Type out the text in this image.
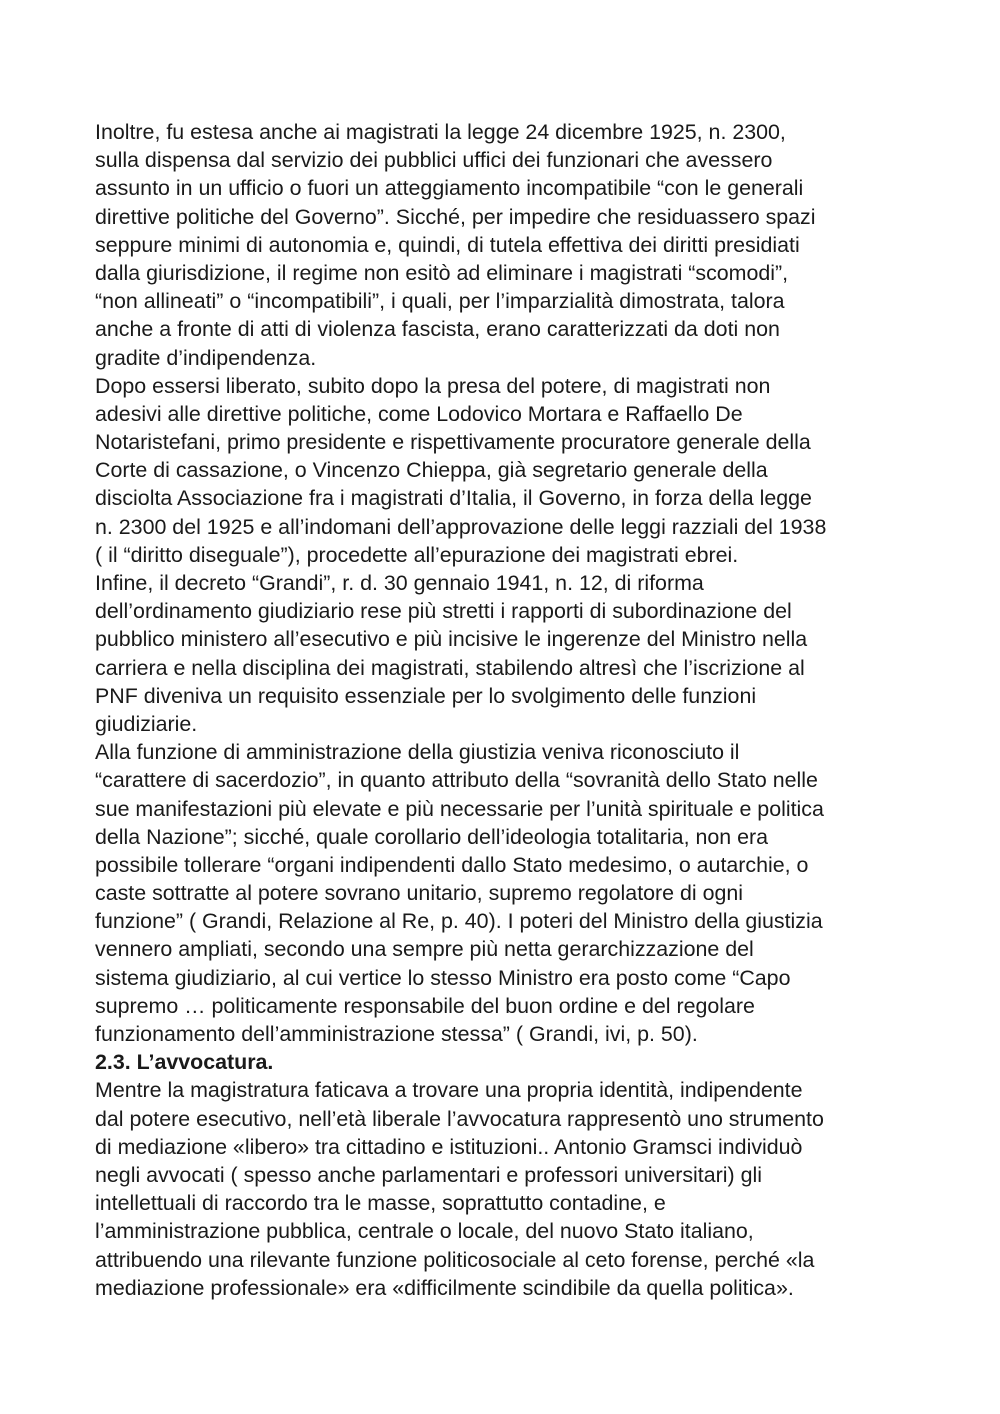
Inoltre, fu estesa anche ai magistrati la legge 24 dicembre 1925, n. 2300,
sulla dispensa dal servizio dei pubblici uffici dei funzionari che avessero
assunto in un ufficio o fuori un atteggiamento incompatibile “con le generali
direttive politiche del Governo”. Sicché, per impedire che residuassero spazi
seppure minimi di autonomia e, quindi, di tutela effettiva dei diritti presidiati
dalla giurisdizione, il regime non esitò ad eliminare i magistrati “scomodi”,
“non allineati” o “incompatibili”, i quali, per l’imparzialità dimostrata, talora
anche a fronte di atti di violenza fascista, erano caratterizzati da doti non
gradite d’indipendenza.
Dopo essersi liberato, subito dopo la presa del potere, di magistrati non
adesivi alle direttive politiche, come Lodovico Mortara e Raffaello De
Notaristefani, primo presidente e rispettivamente procuratore generale della
Corte di cassazione, o Vincenzo Chieppa, già segretario generale della
disciolta Associazione fra i magistrati d’Italia, il Governo, in forza della legge
n. 2300 del 1925 e all’indomani dell’approvazione delle leggi razziali del 1938
( il “diritto diseguale”), procedette all’epurazione dei magistrati ebrei.
Infine, il decreto “Grandi”, r. d. 30 gennaio 1941, n. 12, di riforma
dell’ordinamento giudiziario rese più stretti i rapporti di subordinazione del
pubblico ministero all’esecutivo e più incisive le ingerenze del Ministro nella
carriera e nella disciplina dei magistrati, stabilendo altresì che l’iscrizione al
PNF diveniva un requisito essenziale per lo svolgimento delle funzioni
giudiziarie.
Alla funzione di amministrazione della giustizia veniva riconosciuto il
“carattere di sacerdozio”, in quanto attributo della “sovranità dello Stato nelle
sue manifestazioni più elevate e più necessarie per l’unità spirituale e politica
della Nazione”; sicché, quale corollario dell’ideologia totalitaria, non era
possibile tollerare “organi indipendenti dallo Stato medesimo, o autarchie, o
caste sottratte al potere sovrano unitario, supremo regolatore di ogni
funzione” ( Grandi, Relazione al Re, p. 40). I poteri del Ministro della giustizia
vennero ampliati, secondo una sempre più netta gerarchizzazione del
sistema giudiziario, al cui vertice lo stesso Ministro era posto come “Capo
supremo … politicamente responsabile del buon ordine e del regolare
funzionamento dell’amministrazione stessa” ( Grandi, ivi, p. 50).
2.3. L’avvocatura.
Mentre la magistratura faticava a trovare una propria identità, indipendente
dal potere esecutivo, nell’età liberale l’avvocatura rappresentò uno strumento
di mediazione «libero» tra cittadino e istituzioni.. Antonio Gramsci individuò
negli avvocati ( spesso anche parlamentari e professori universitari) gli
intellettuali di raccordo tra le masse, soprattutto contadine, e
l’amministrazione pubblica, centrale o locale, del nuovo Stato italiano,
attribuendo una rilevante funzione politicosociale al ceto forense, perché «la
mediazione professionale» era «difficilmente scindibile da quella politica».
